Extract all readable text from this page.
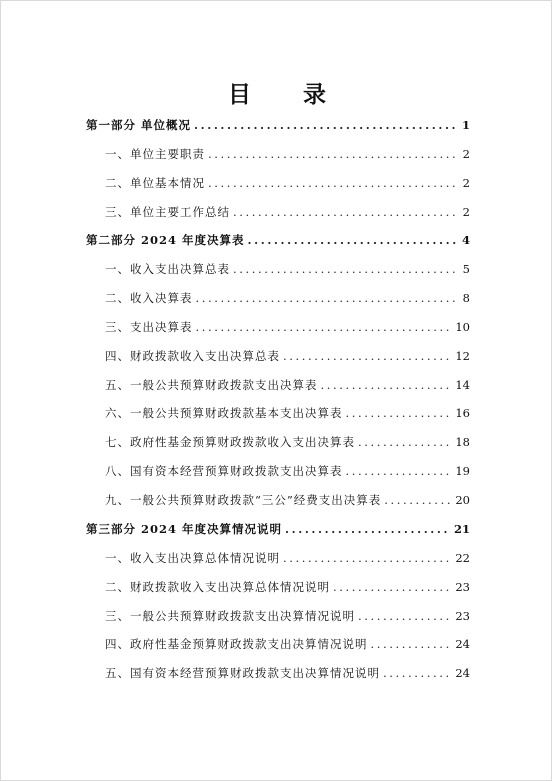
目 录
第一部分 单位概况 .....	1
一、单位主要职责 .....	2
二、单位基本情况 .....	2
三、单位主要工作总结 .....	2
第二部分 2024 年度决算表 .....	4
一、收入支出决算总表 .....	5
二、收入决算表 .....	8
三、支出决算表 .....	10
四、财政拨款收入支出决算总表 .....	12
五、一般公共预算财政拨款支出决算表 .....	14
六、一般公共预算财政拨款基本支出决算表 .....	16
七、政府性基金预算财政拨款收入支出决算表 .....	18
八、国有资本经营预算财政拨款支出决算表 .....	19
九、一般公共预算财政拨款“三公”经费支出决算表 .....	20
第三部分 2024 年度决算情况说明 .....	21
一、收入支出决算总体情况说明 .....	22
二、财政拨款收入支出决算总体情况说明 .....	23
三、一般公共预算财政拨款支出决算情况说明 .....	23
四、政府性基金预算财政拨款支出决算情况说明 .....	24
五、国有资本经营预算财政拨款支出决算情况说明 .....	24
